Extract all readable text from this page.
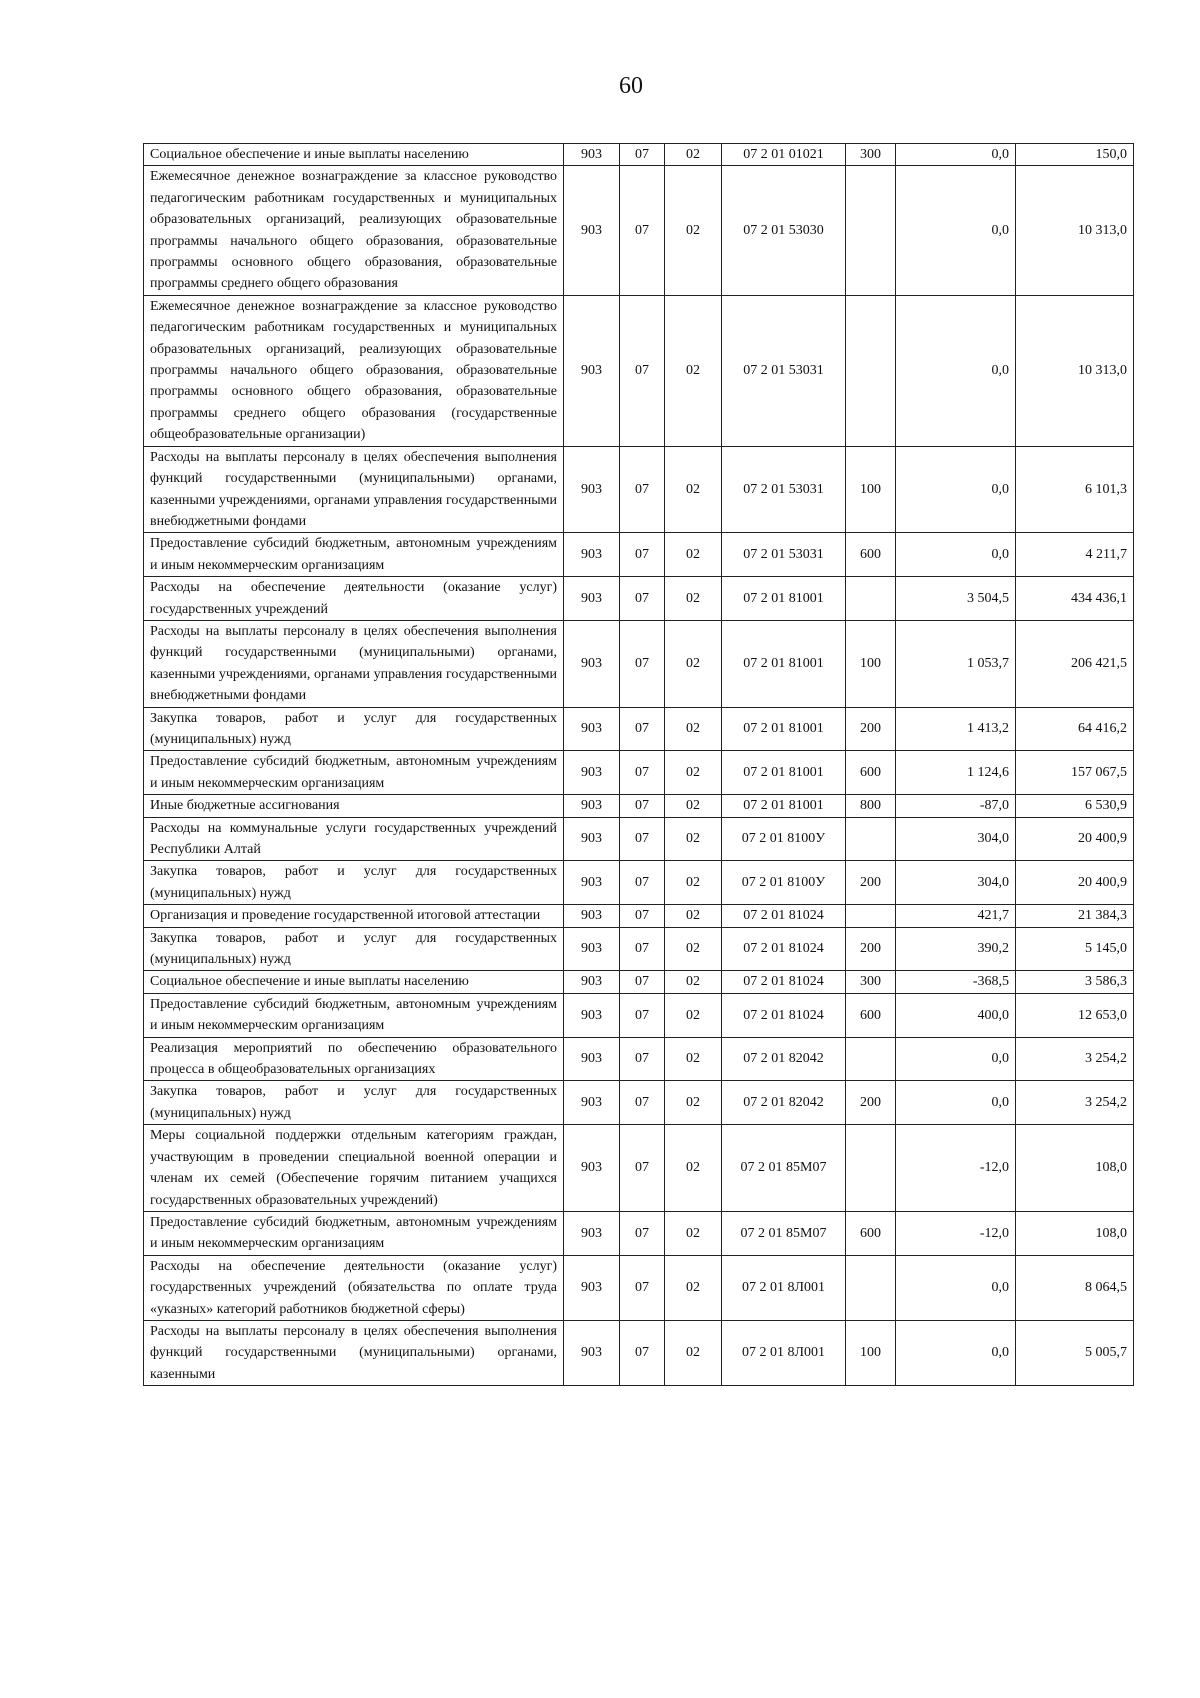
60
Социальное обеспечение и иные выплаты населению	903	07	02	07 2 01 01021	300	0,0	150,0
Ежемесячное денежное вознаграждение за классное руководство педагогическим работникам государственных и муниципальных образовательных организаций, реализующих образовательные программы начального общего образования, образовательные программы основного общего образования, образовательные программы среднего общего образования	903	07	02	07 2 01 53030		0,0	10 313,0
Ежемесячное денежное вознаграждение за классное руководство педагогическим работникам государственных и муниципальных образовательных организаций, реализующих образовательные программы начального общего образования, образовательные программы основного общего образования, образовательные программы среднего общего образования (государственные общеобразовательные организации)	903	07	02	07 2 01 53031		0,0	10 313,0
Расходы на выплаты персоналу в целях обеспечения выполнения функций государственными (муниципальными) органами, казенными учреждениями, органами управления государственными внебюджетными фондами	903	07	02	07 2 01 53031	100	0,0	6 101,3
Предоставление субсидий бюджетным, автономным учреждениям и иным некоммерческим организациям	903	07	02	07 2 01 53031	600	0,0	4 211,7
Расходы на обеспечение деятельности (оказание услуг) государственных учреждений	903	07	02	07 2 01 81001		3 504,5	434 436,1
Расходы на выплаты персоналу в целях обеспечения выполнения функций государственными (муниципальными) органами, казенными учреждениями, органами управления государственными внебюджетными фондами	903	07	02	07 2 01 81001	100	1 053,7	206 421,5
Закупка товаров, работ и услуг для государственных (муниципальных) нужд	903	07	02	07 2 01 81001	200	1 413,2	64 416,2
Предоставление субсидий бюджетным, автономным учреждениям и иным некоммерческим организациям	903	07	02	07 2 01 81001	600	1 124,6	157 067,5
Иные бюджетные ассигнования	903	07	02	07 2 01 81001	800	-87,0	6 530,9
Расходы на коммунальные услуги государственных учреждений Республики Алтай	903	07	02	07 2 01 8100У		304,0	20 400,9
Закупка товаров, работ и услуг для государственных (муниципальных) нужд	903	07	02	07 2 01 8100У	200	304,0	20 400,9
Организация и проведение государственной итоговой аттестации	903	07	02	07 2 01 81024		421,7	21 384,3
Закупка товаров, работ и услуг для государственных (муниципальных) нужд	903	07	02	07 2 01 81024	200	390,2	5 145,0
Социальное обеспечение и иные выплаты населению	903	07	02	07 2 01 81024	300	-368,5	3 586,3
Предоставление субсидий бюджетным, автономным учреждениям и иным некоммерческим организациям	903	07	02	07 2 01 81024	600	400,0	12 653,0
Реализация мероприятий по обеспечению образовательного процесса в общеобразовательных организациях	903	07	02	07 2 01 82042		0,0	3 254,2
Закупка товаров, работ и услуг для государственных (муниципальных) нужд	903	07	02	07 2 01 82042	200	0,0	3 254,2
Меры социальной поддержки отдельным категориям граждан, участвующим в проведении специальной военной операции и членам их семей (Обеспечение горячим питанием учащихся государственных образовательных учреждений)	903	07	02	07 2 01 85М07		-12,0	108,0
Предоставление субсидий бюджетным, автономным учреждениям и иным некоммерческим организациям	903	07	02	07 2 01 85М07	600	-12,0	108,0
Расходы на обеспечение деятельности (оказание услуг) государственных учреждений (обязательства по оплате труда «указных» категорий работников бюджетной сферы)	903	07	02	07 2 01 8Л001		0,0	8 064,5
Расходы на выплаты персоналу в целях обеспечения выполнения функций государственными (муниципальными) органами, казенными	903	07	02	07 2 01 8Л001	100	0,0	5 005,7
